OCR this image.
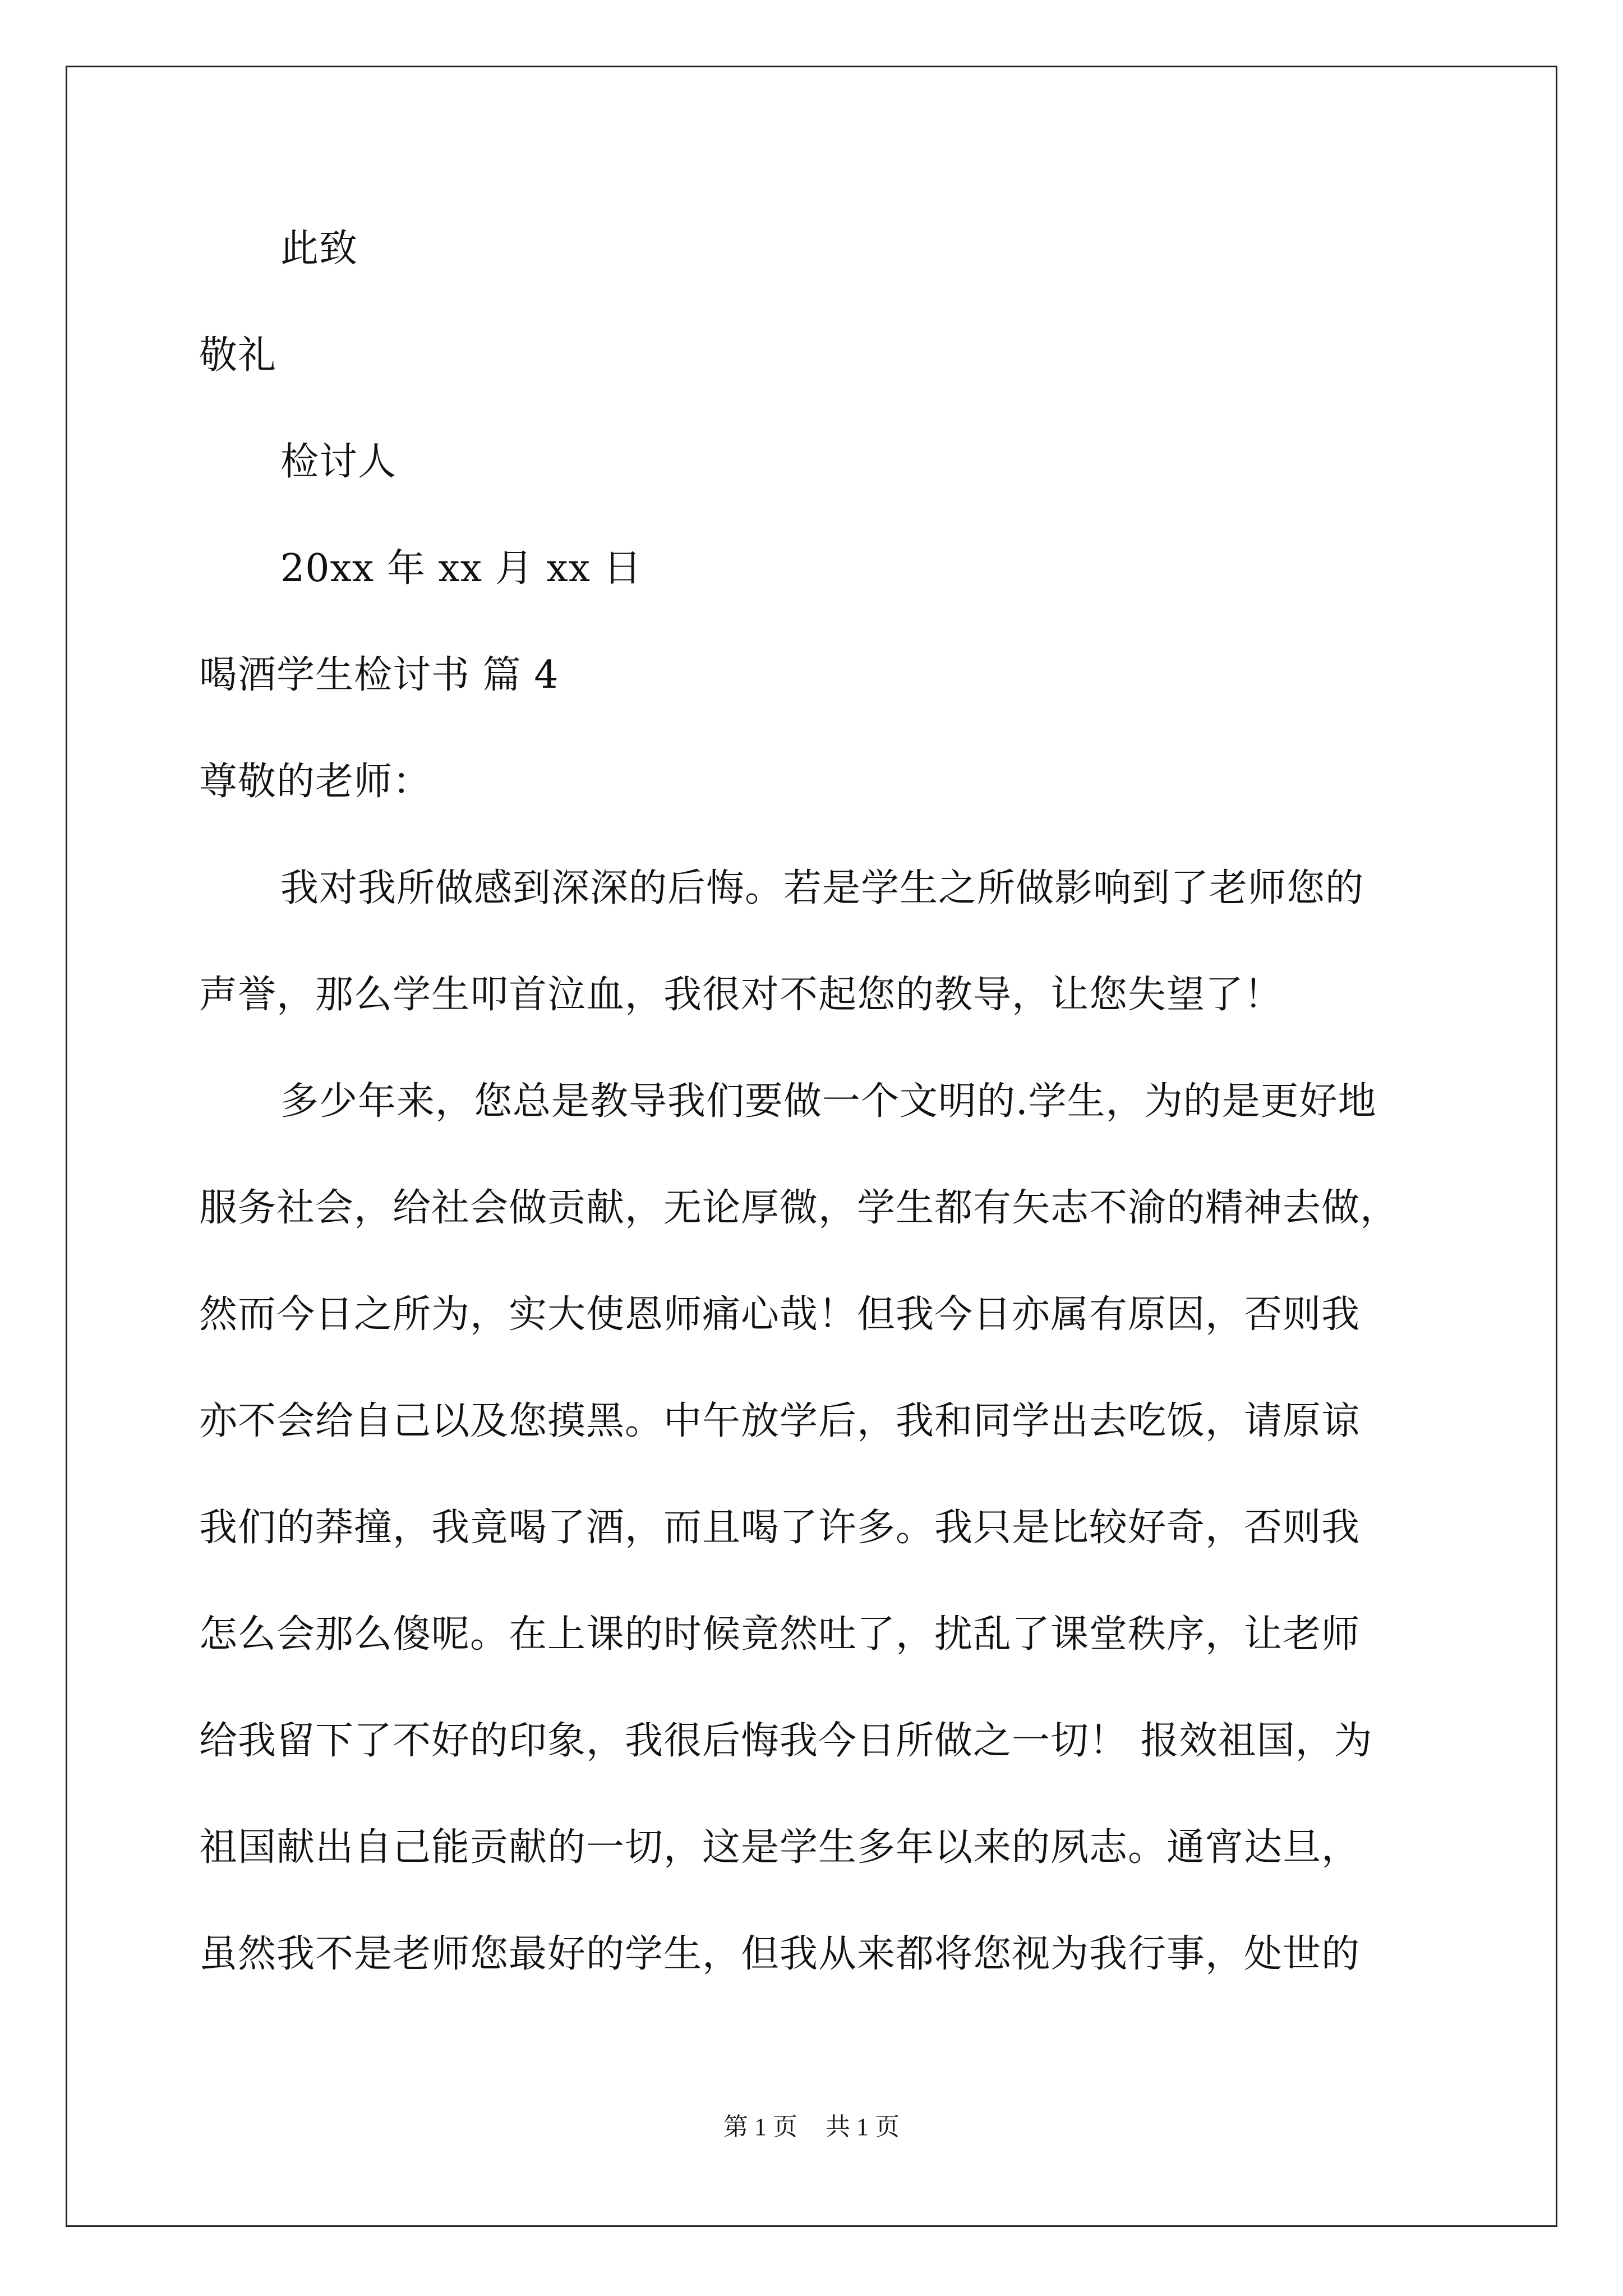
此致
敬礼
检讨人
20xx 年 xx 月 xx 日
喝酒学生检讨书 篇 4
尊敬的老师：
我对我所做感到深深的后悔。若是学生之所做影响到了老师您的
声誉，那么学生叩首泣血，我很对不起您的教导，让您失望了！
多少年来，您总是教导我们要做一个文明的.学生，为的是更好地
服务社会，给社会做贡献，无论厚微，学生都有矢志不渝的精神去做，
然而今日之所为，实大使恩师痛心哉！但我今日亦属有原因，否则我
亦不会给自己以及您摸黑。中午放学后，我和同学出去吃饭，请原谅
我们的莽撞，我竟喝了酒，而且喝了许多。我只是比较好奇，否则我
怎么会那么傻呢。在上课的时候竟然吐了，扰乱了课堂秩序，让老师
给我留下了不好的印象，我很后悔我今日所做之一切！ 报效祖国，为
祖国献出自己能贡献的一切，这是学生多年以来的夙志。通宵达旦，
虽然我不是老师您最好的学生，但我从来都将您视为我行事，处世的
第 1 页 共 1 页
